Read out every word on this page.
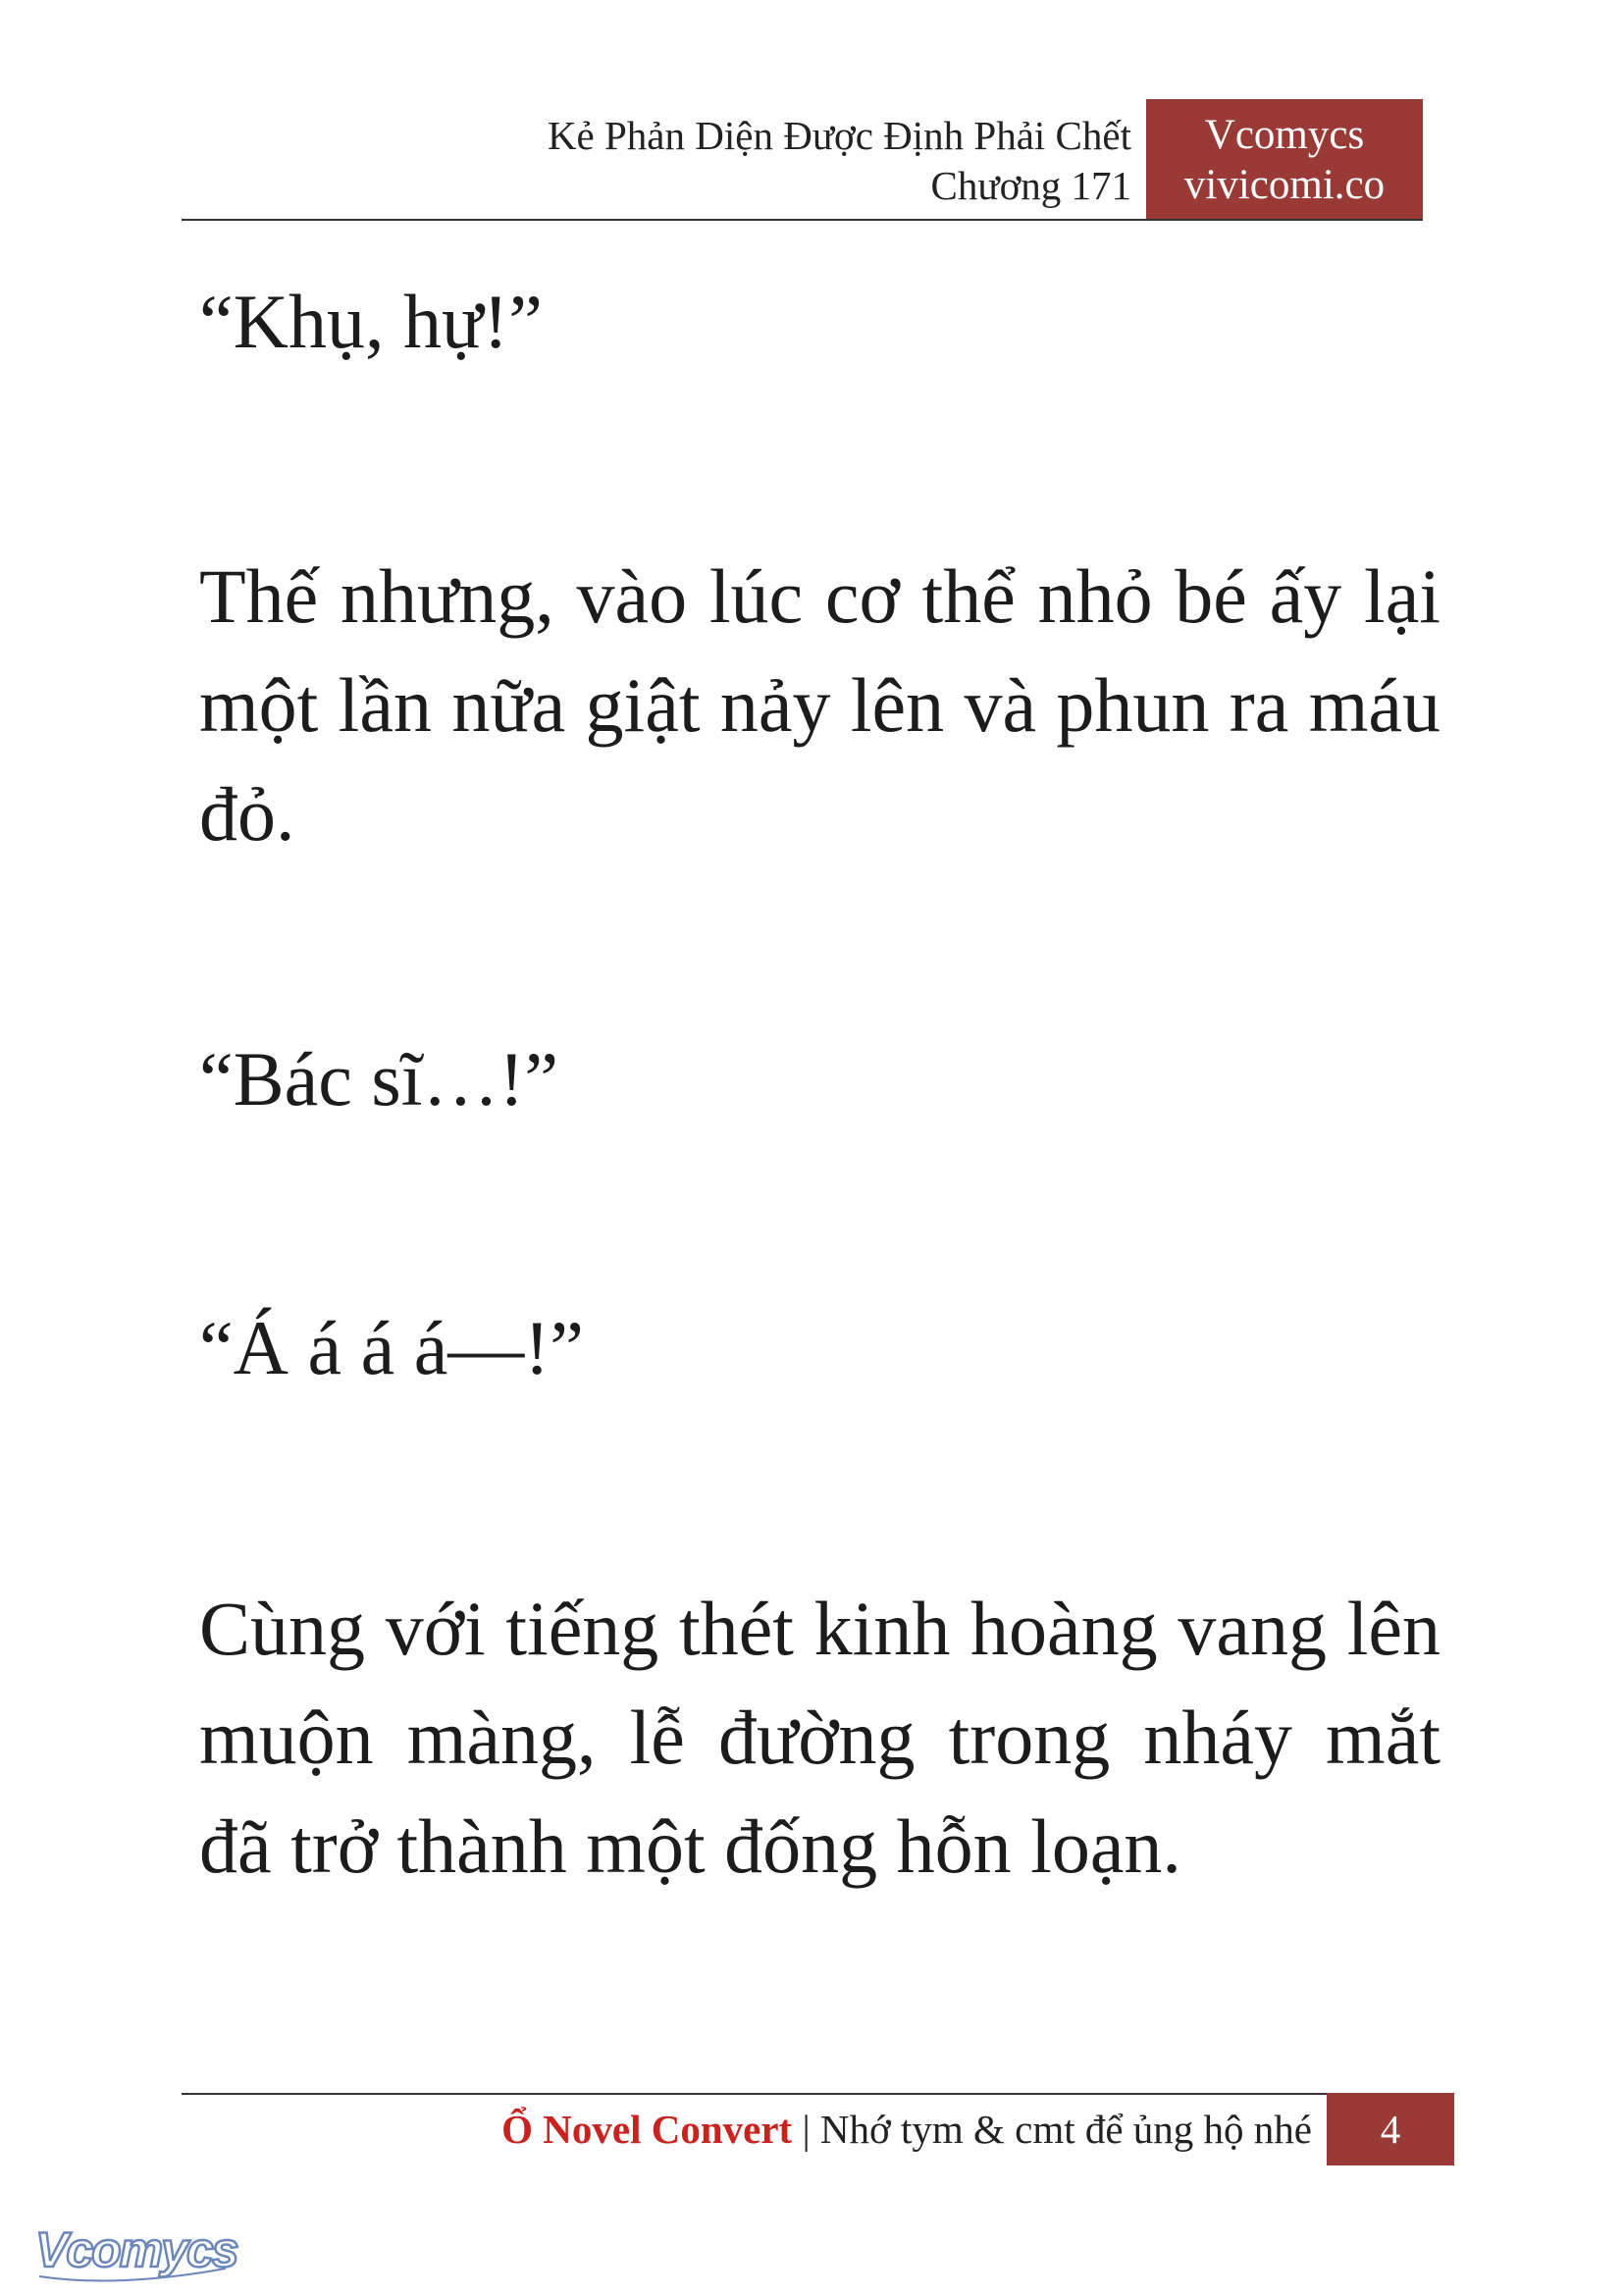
Kẻ Phản Diện Được Định Phải Chết
Chương 171
Vcomycs
vivicomi.co

“Khụ, hự!”

Thế nhưng, vào lúc cơ thể nhỏ bé ấy lại một lần nữa giật nảy lên và phun ra máu đỏ.

“Bác sĩ…!”

“Á á á á—!”

Cùng với tiếng thét kinh hoàng vang lên muộn màng, lễ đường trong nháy mắt đã trở thành một đống hỗn loạn.

Ổ Novel Convert | Nhớ tym & cmt để ủng hộ nhé	4
Vcomycs
